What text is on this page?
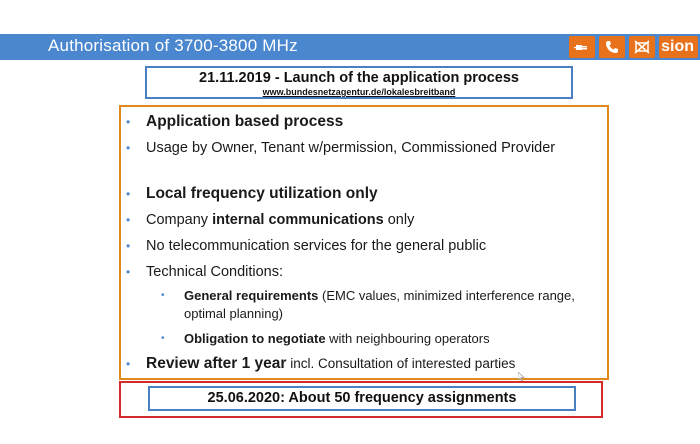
Authorisation of 3700-3800 MHz	sion
21.11.2019 - Launch of the application process
www.bundesnetzagentur.de/lokalesbreitband
• Application based process
• Usage by Owner, Tenant w/permission, Commissioned Provider
• Local frequency utilization only
• Company internal communications only
• No telecommunication services for the general public
• Technical Conditions:
• General requirements (EMC values, minimized interference range, optimal planning)
• Obligation to negotiate with neighbouring operators
• Review after 1 year incl. Consultation of interested parties
25.06.2020: About 50 frequency assignments
